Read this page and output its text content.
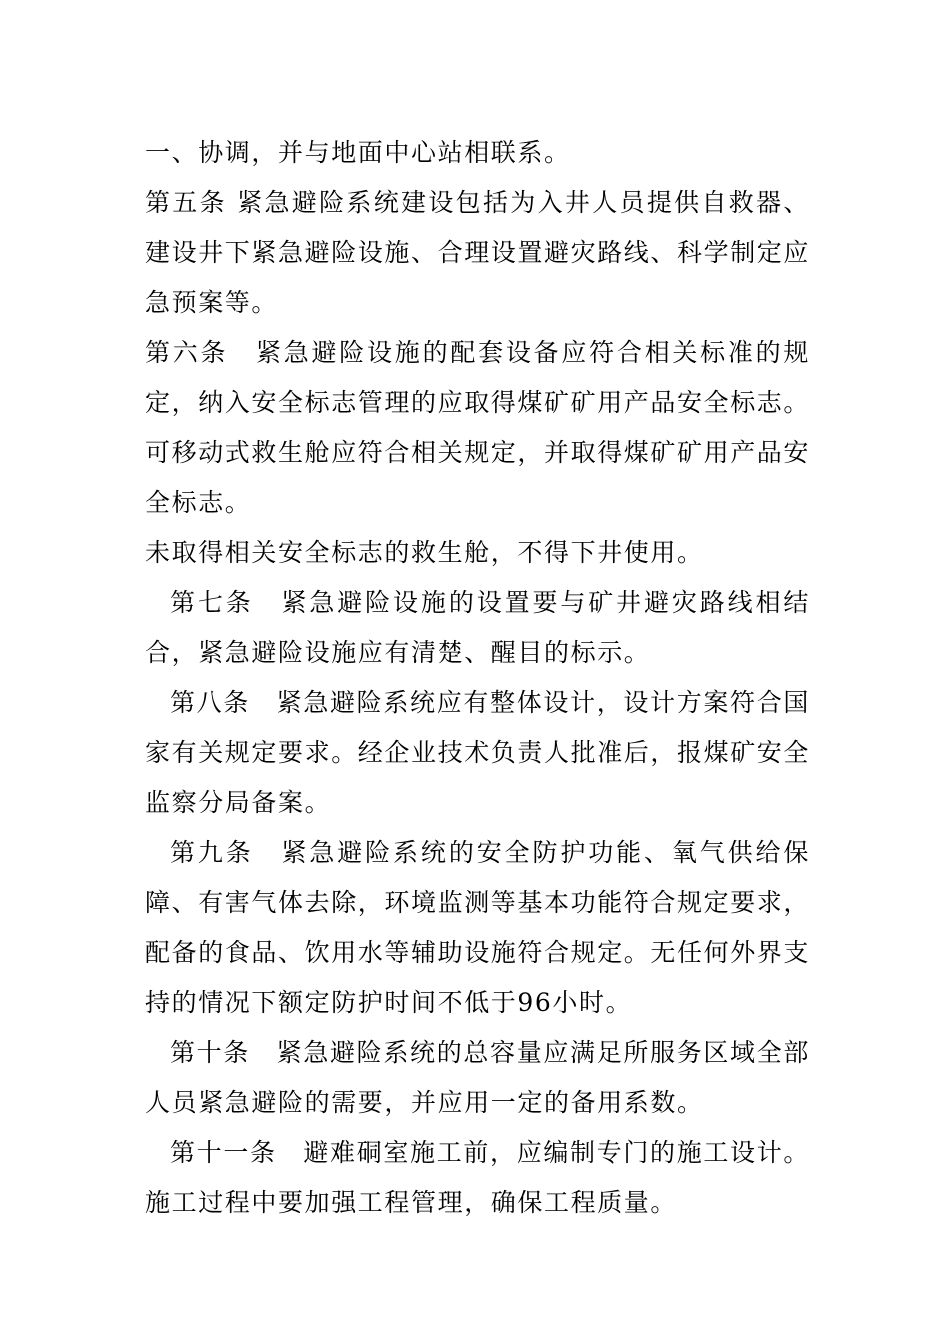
一、协调，并与地面中心站相联系。

第五条 紧急避险系统建设包括为入井人员提供自救器、建设井下紧急避险设施、合理设置避灾路线、科学制定应急预案等。

第六条　紧急避险设施的配套设备应符合相关标准的规定，纳入安全标志管理的应取得煤矿矿用产品安全标志。可移动式救生舱应符合相关规定，并取得煤矿矿用产品安全标志。

未取得相关安全标志的救生舱，不得下井使用。

第七条　紧急避险设施的设置要与矿井避灾路线相结合，紧急避险设施应有清楚、醒目的标示。

第八条　紧急避险系统应有整体设计，设计方案符合国家有关规定要求。经企业技术负责人批准后，报煤矿安全监察分局备案。

第九条　紧急避险系统的安全防护功能、氧气供给保障、有害气体去除，环境监测等基本功能符合规定要求，配备的食品、饮用水等辅助设施符合规定。无任何外界支持的情况下额定防护时间不低于96小时。

第十条　紧急避险系统的总容量应满足所服务区域全部人员紧急避险的需要，并应用一定的备用系数。

第十一条　避难硐室施工前，应编制专门的施工设计。施工过程中要加强工程管理，确保工程质量。
